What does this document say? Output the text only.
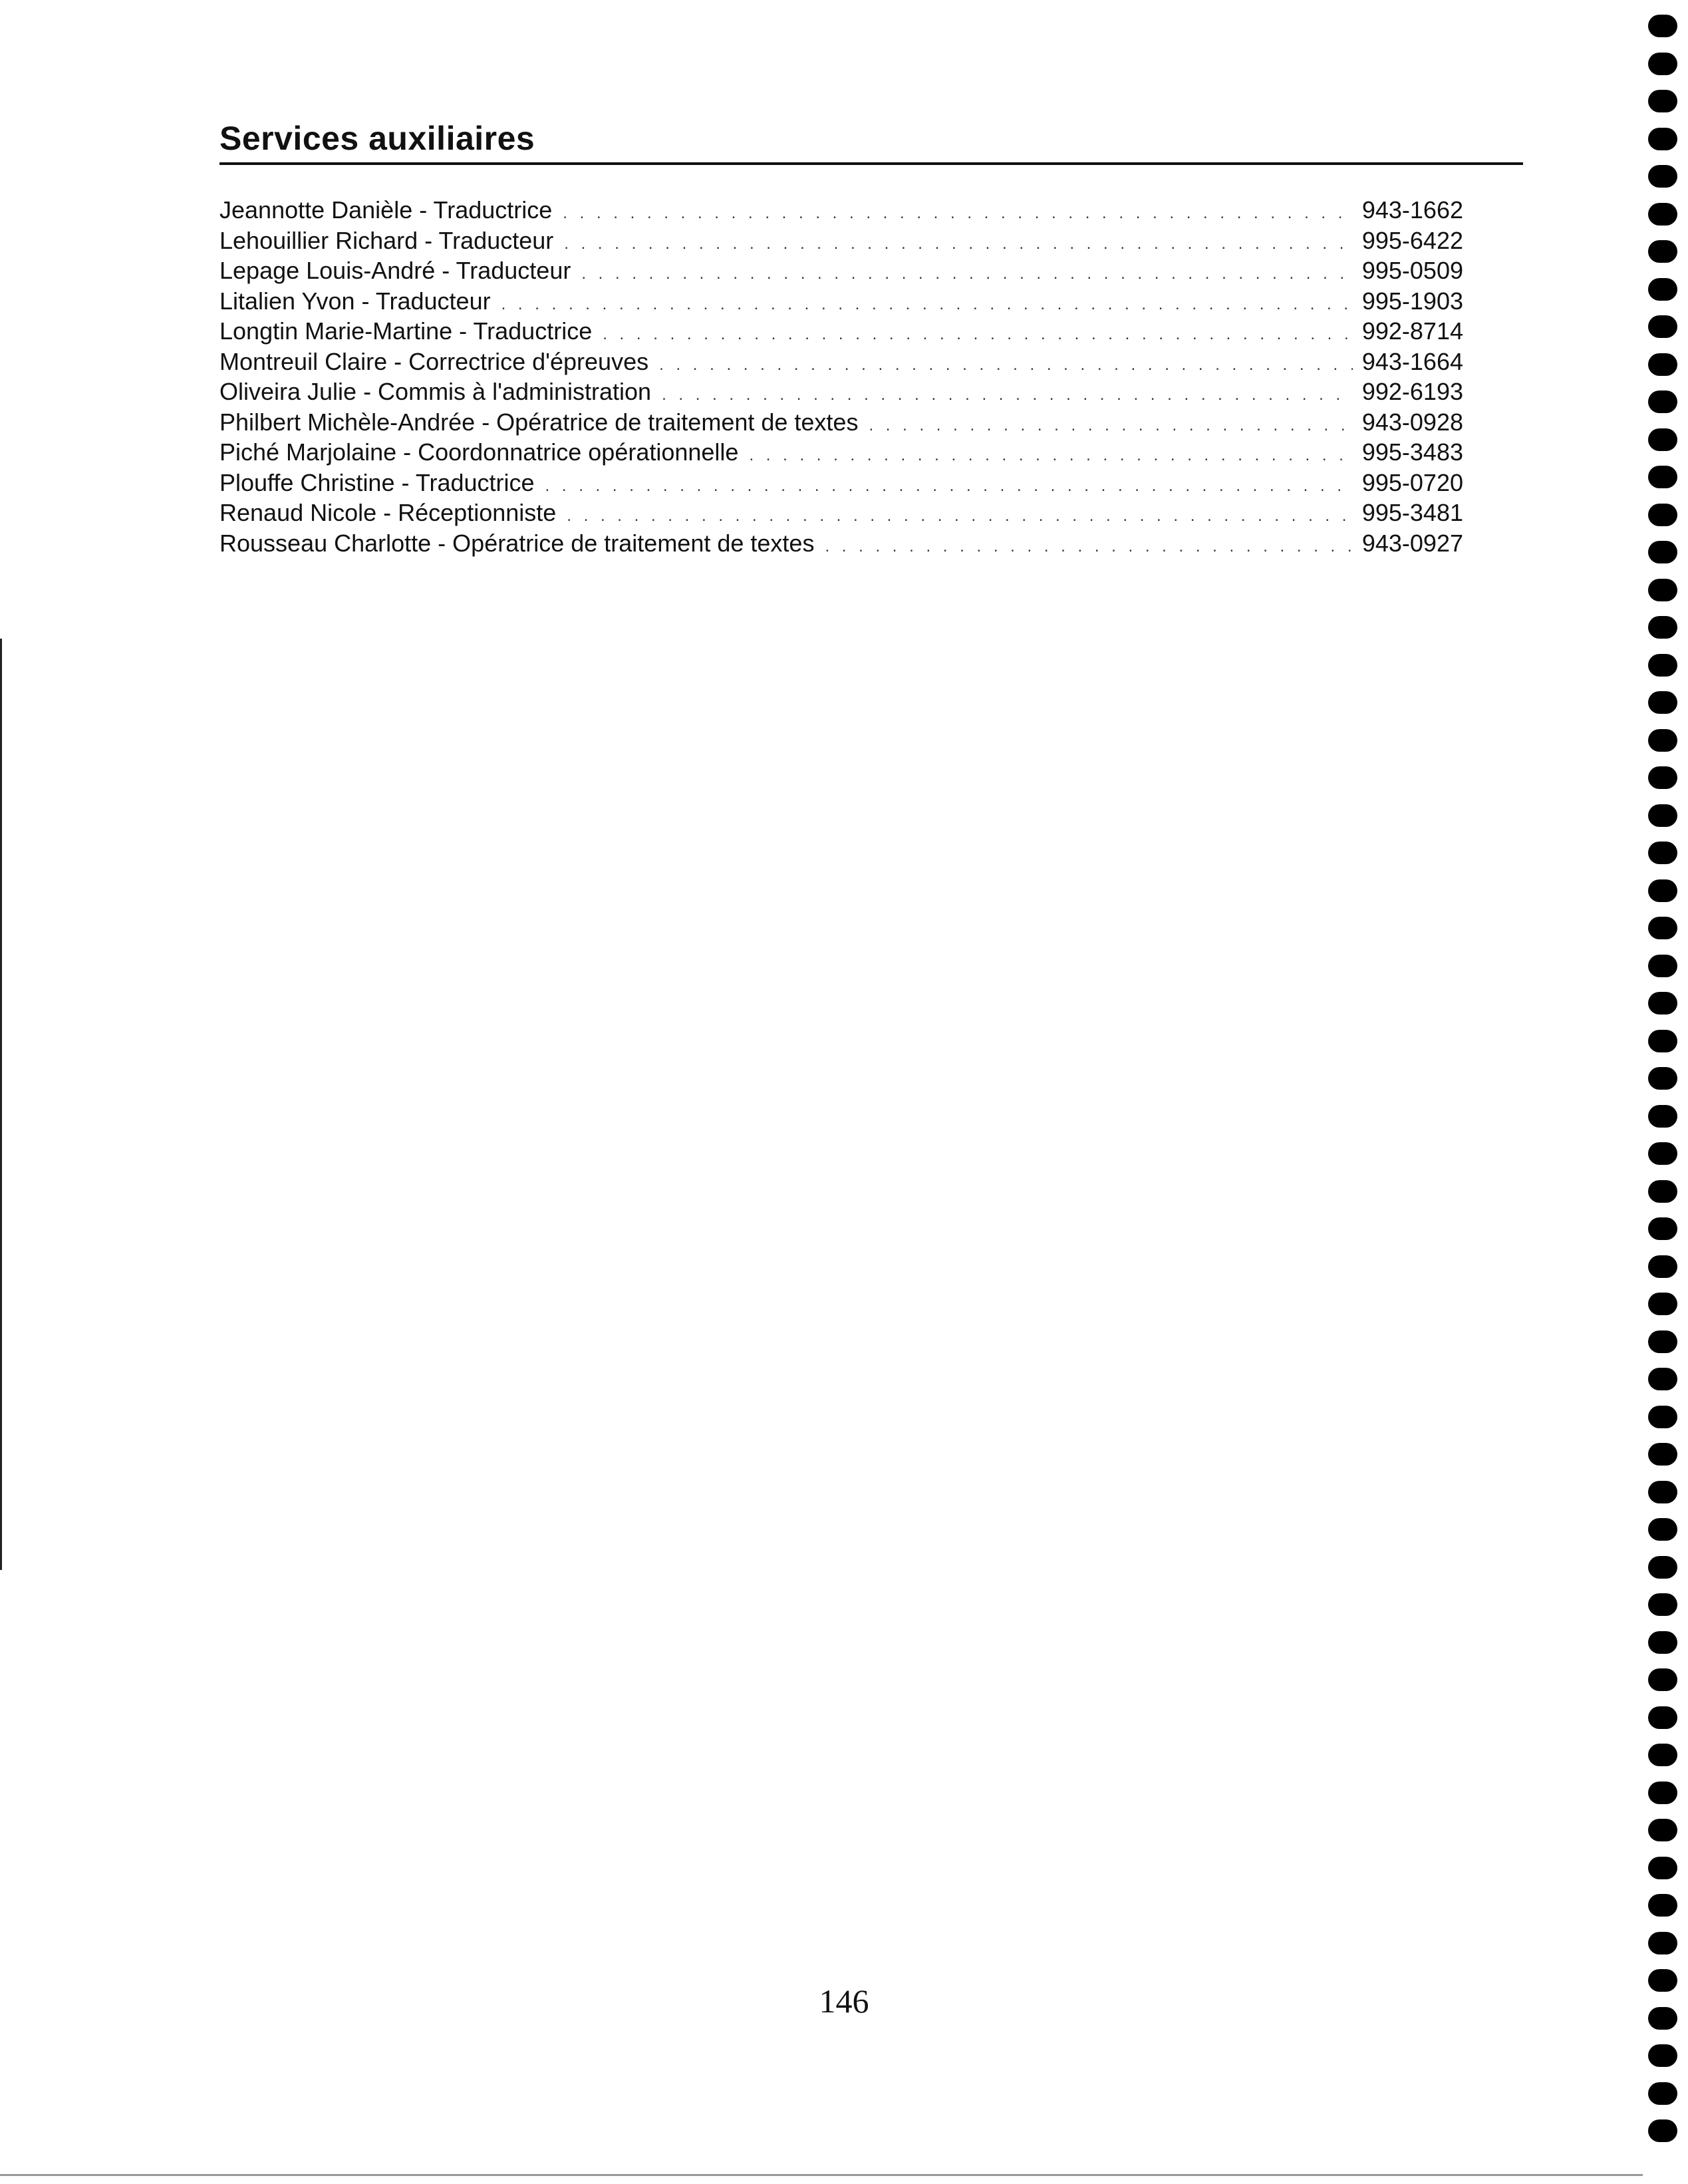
Services auxiliaires
Jeannotte Danièle - Traductrice . . .	943-1662
Lehouillier Richard - Traducteur . . .	995-6422
Lepage Louis-André - Traducteur . . .	995-0509
Litalien Yvon - Traducteur . . .	995-1903
Longtin Marie-Martine - Traductrice . . .	992-8714
Montreuil Claire - Correctrice d'épreuves . . .	943-1664
Oliveira Julie - Commis à l'administration . . .	992-6193
Philbert Michèle-Andrée - Opératrice de traitement de textes . . .	943-0928
Piché Marjolaine - Coordonnatrice opérationnelle . . .	995-3483
Plouffe Christine - Traductrice . . .	995-0720
Renaud Nicole - Réceptionniste . . .	995-3481
Rousseau Charlotte - Opératrice de traitement de textes . . .	943-0927
146
